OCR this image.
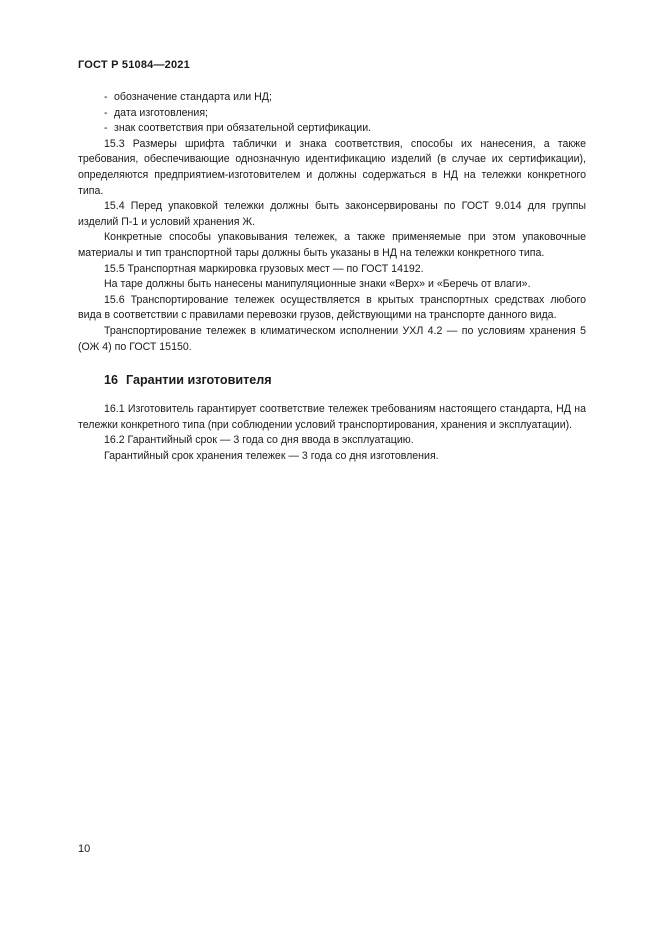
ГОСТ Р 51084—2021
- обозначение стандарта или НД;
- дата изготовления;
- знак соответствия при обязательной сертификации.

15.3 Размеры шрифта таблички и знака соответствия, способы их нанесения, а также требования, обеспечивающие однозначную идентификацию изделий (в случае их сертификации), определяются предприятием-изготовителем и должны содержаться в НД на тележки конкретного типа.

15.4 Перед упаковкой тележки должны быть законсервированы по ГОСТ 9.014 для группы изделий П-1 и условий хранения Ж.

Конкретные способы упаковывания тележек, а также применяемые при этом упаковочные материалы и тип транспортной тары должны быть указаны в НД на тележки конкретного типа.

15.5 Транспортная маркировка грузовых мест — по ГОСТ 14192.

На таре должны быть нанесены манипуляционные знаки «Верх» и «Беречь от влаги».

15.6 Транспортирование тележек осуществляется в крытых транспортных средствах любого вида в соответствии с правилами перевозки грузов, действующими на транспорте данного вида.

Транспортирование тележек в климатическом исполнении УХЛ 4.2 — по условиям хранения 5 (ОЖ 4) по ГОСТ 15150.

16 Гарантии изготовителя

16.1 Изготовитель гарантирует соответствие тележек требованиям настоящего стандарта, НД на тележки конкретного типа (при соблюдении условий транспортирования, хранения и эксплуатации).

16.2 Гарантийный срок — 3 года со дня ввода в эксплуатацию.

Гарантийный срок хранения тележек — 3 года со дня изготовления.

10
